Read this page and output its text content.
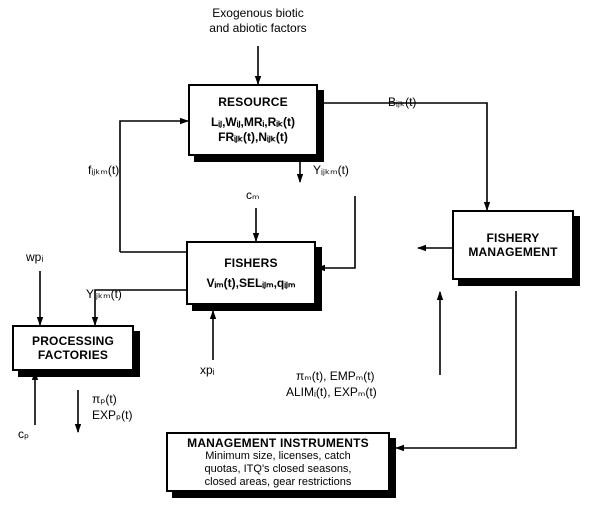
Exogenous biotic
and abiotic factors
RESOURCE
Lᵢⱼ,Wᵢⱼ,MRᵢ,Rᵢₖ(t)
FRᵢⱼₖ(t),Nᵢⱼₖ(t)
FISHERS
Vᵢₘ(t),SELᵢⱼₘ,qᵢⱼₘ
FISHERY
MANAGEMENT
PROCESSING
FACTORIES
MANAGEMENT INSTRUMENTS
Minimum size, licenses, catch
quotas, ITQ's closed seasons,
closed areas, gear restrictions
Bᵢⱼₖ(t)
fᵢⱼₖₘ(t)	Yᵢⱼₖₘ(t)
cₘ
wpᵢ
Yᵢⱼₖₘ(t)
xpᵢ	πₘ(t), EMPₘ(t)
ALIMᵢ(t), EXPₘ(t)
πₚ(t)
EXPₚ(t)
cₚ
